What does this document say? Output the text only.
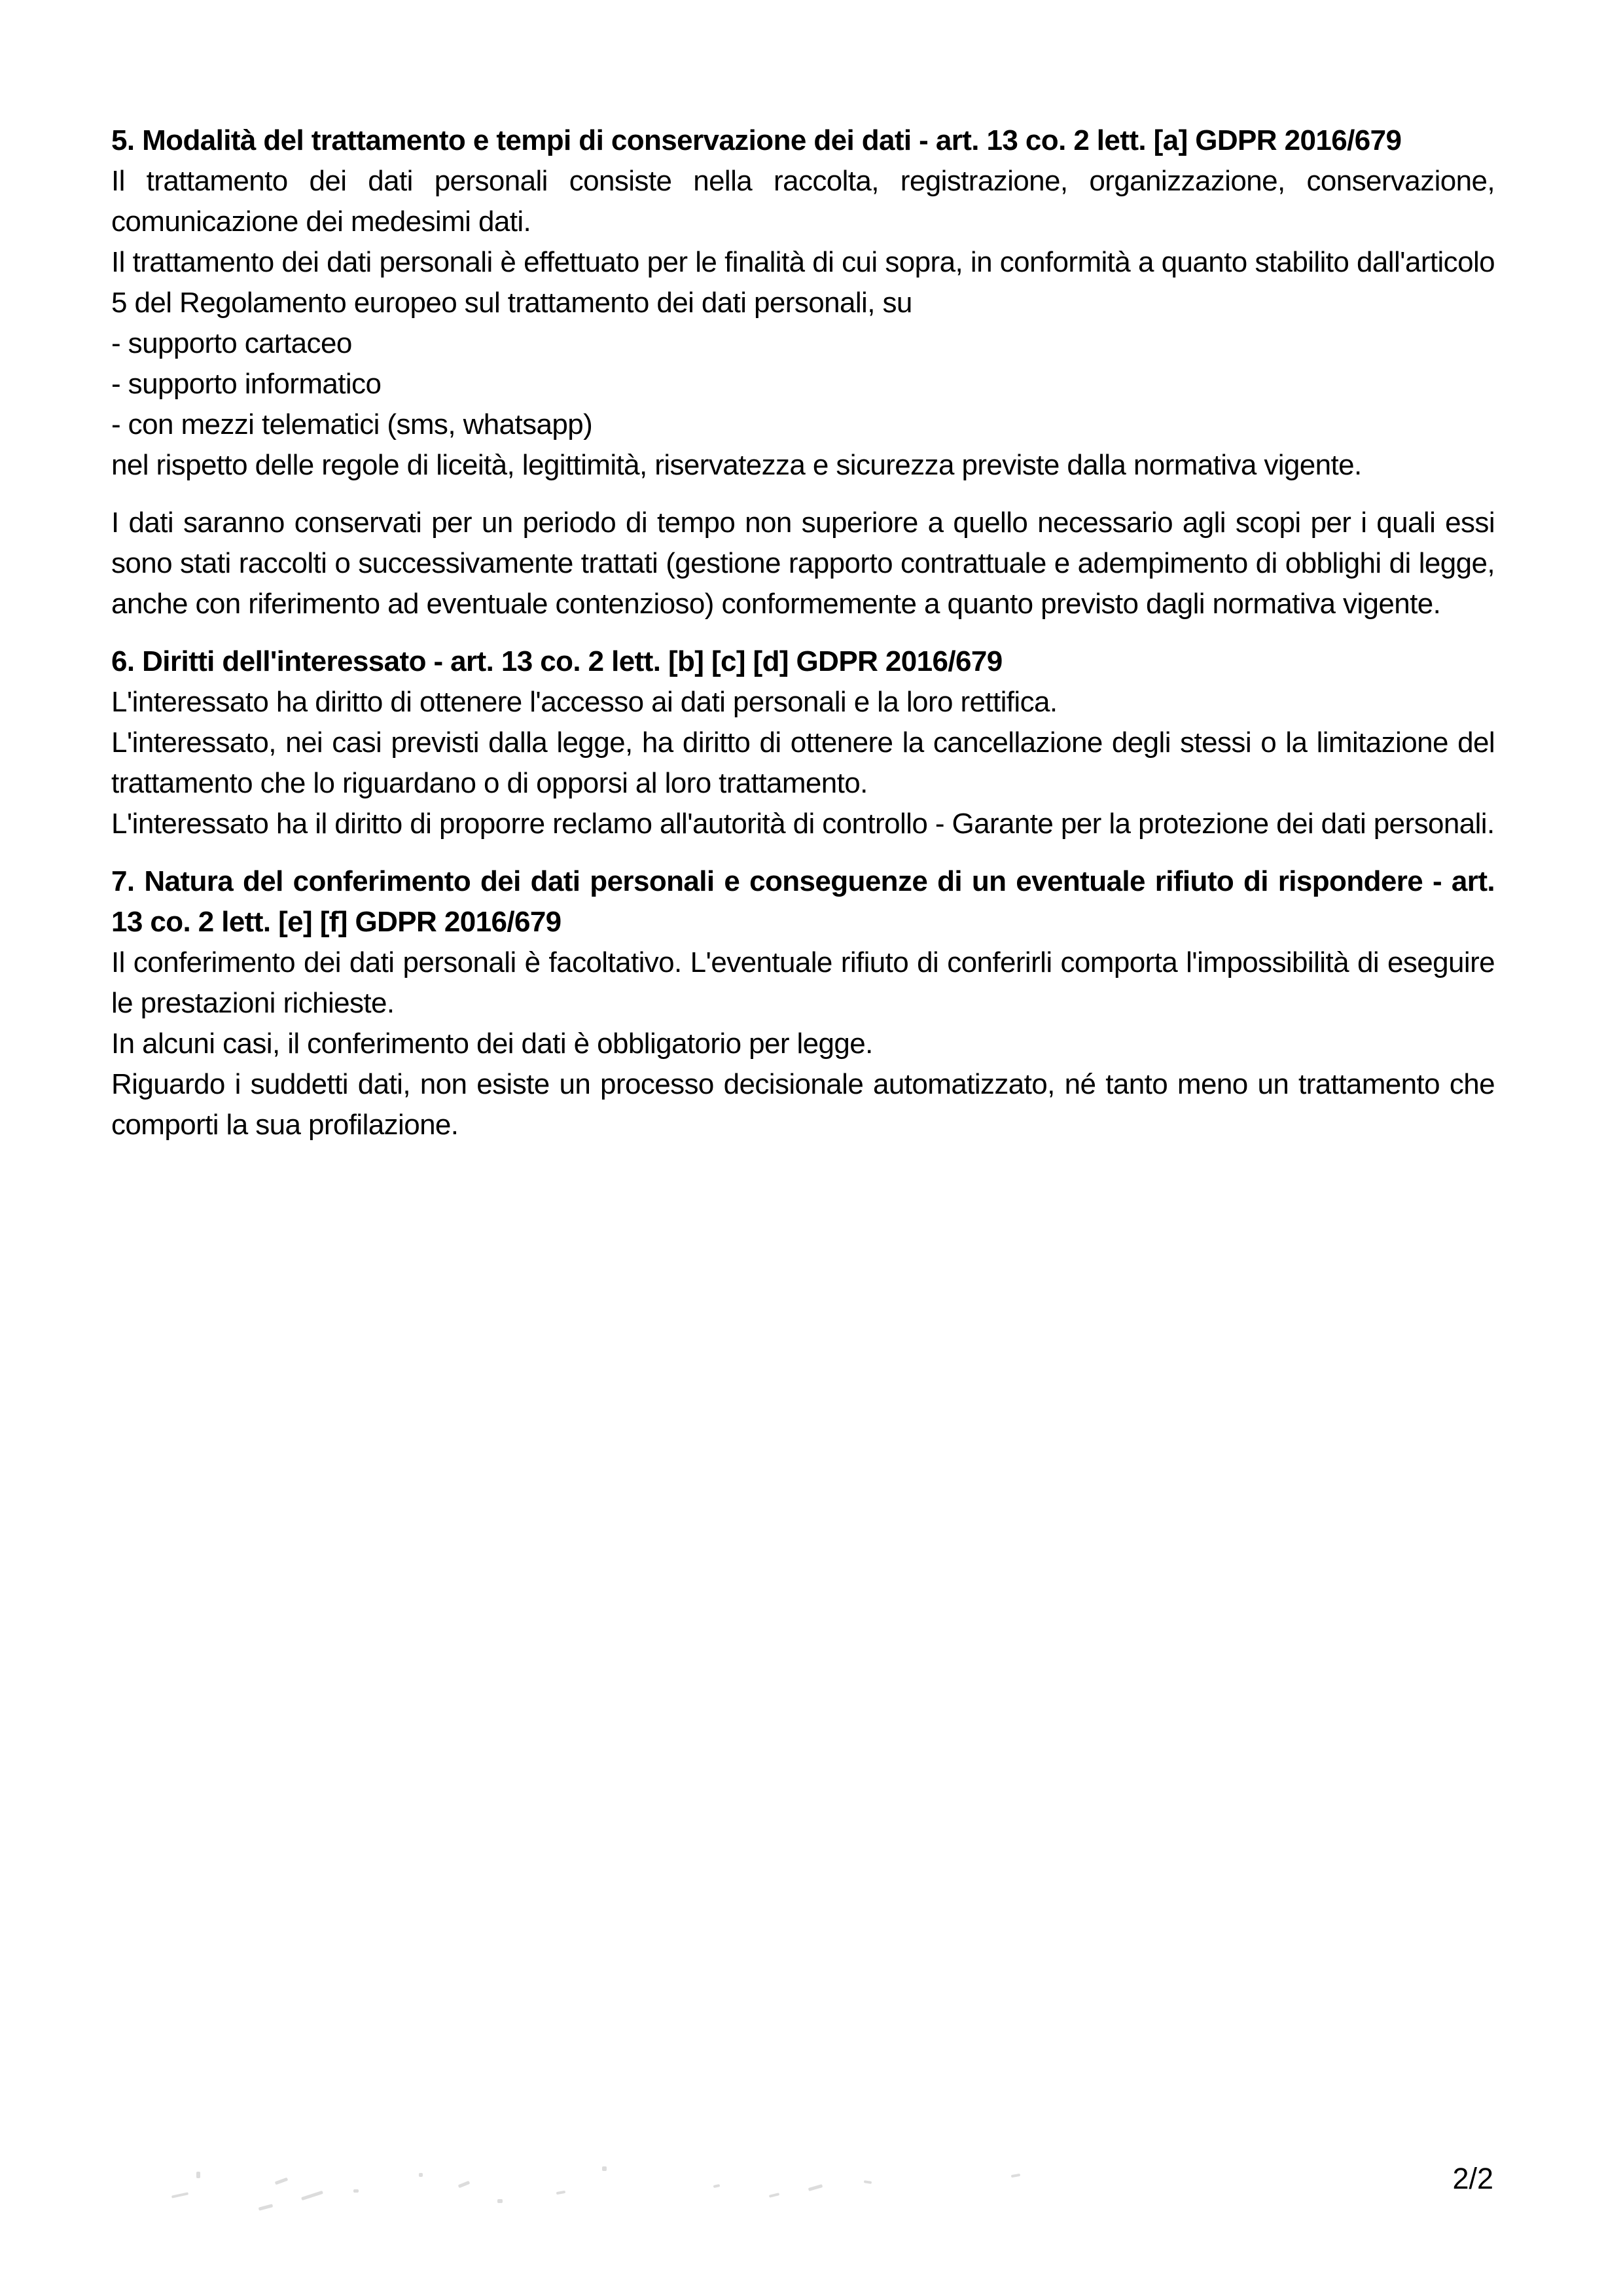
5. Modalità del trattamento e tempi di conservazione dei dati - art. 13 co. 2 lett. [a] GDPR 2016/679

Il trattamento dei dati personali consiste nella raccolta, registrazione, organizzazione, conservazione, comunicazione dei medesimi dati.

Il trattamento dei dati personali è effettuato per le finalità di cui sopra, in conformità a quanto stabilito dall'articolo 5 del Regolamento europeo sul trattamento dei dati personali, su

- supporto cartaceo

- supporto informatico

- con mezzi telematici (sms, whatsapp)

nel rispetto delle regole di liceità, legittimità, riservatezza e sicurezza previste dalla normativa vigente.

I dati saranno conservati per un periodo di tempo non superiore a quello necessario agli scopi per i quali essi sono stati raccolti o successivamente trattati (gestione rapporto contrattuale e adempimento di obblighi di legge, anche con riferimento ad eventuale contenzioso) conformemente a quanto previsto dagli normativa vigente.

6. Diritti dell'interessato - art. 13 co. 2 lett. [b] [c] [d] GDPR 2016/679

L'interessato ha diritto di ottenere l'accesso ai dati personali e la loro rettifica.

L'interessato, nei casi previsti dalla legge, ha diritto di ottenere la cancellazione degli stessi o la limitazione del trattamento che lo riguardano o di opporsi al loro trattamento.

L'interessato ha il diritto di proporre reclamo all'autorità di controllo - Garante per la protezione dei dati personali.

7. Natura del conferimento dei dati personali e conseguenze di un eventuale rifiuto di rispondere - art. 13 co. 2 lett. [e] [f] GDPR 2016/679

Il conferimento dei dati personali è facoltativo. L'eventuale rifiuto di conferirli comporta l'impossibilità di eseguire le prestazioni richieste.

In alcuni casi, il conferimento dei dati è obbligatorio per legge.

Riguardo i suddetti dati, non esiste un processo decisionale automatizzato, né tanto meno un trattamento che comporti la sua profilazione.

2/2
